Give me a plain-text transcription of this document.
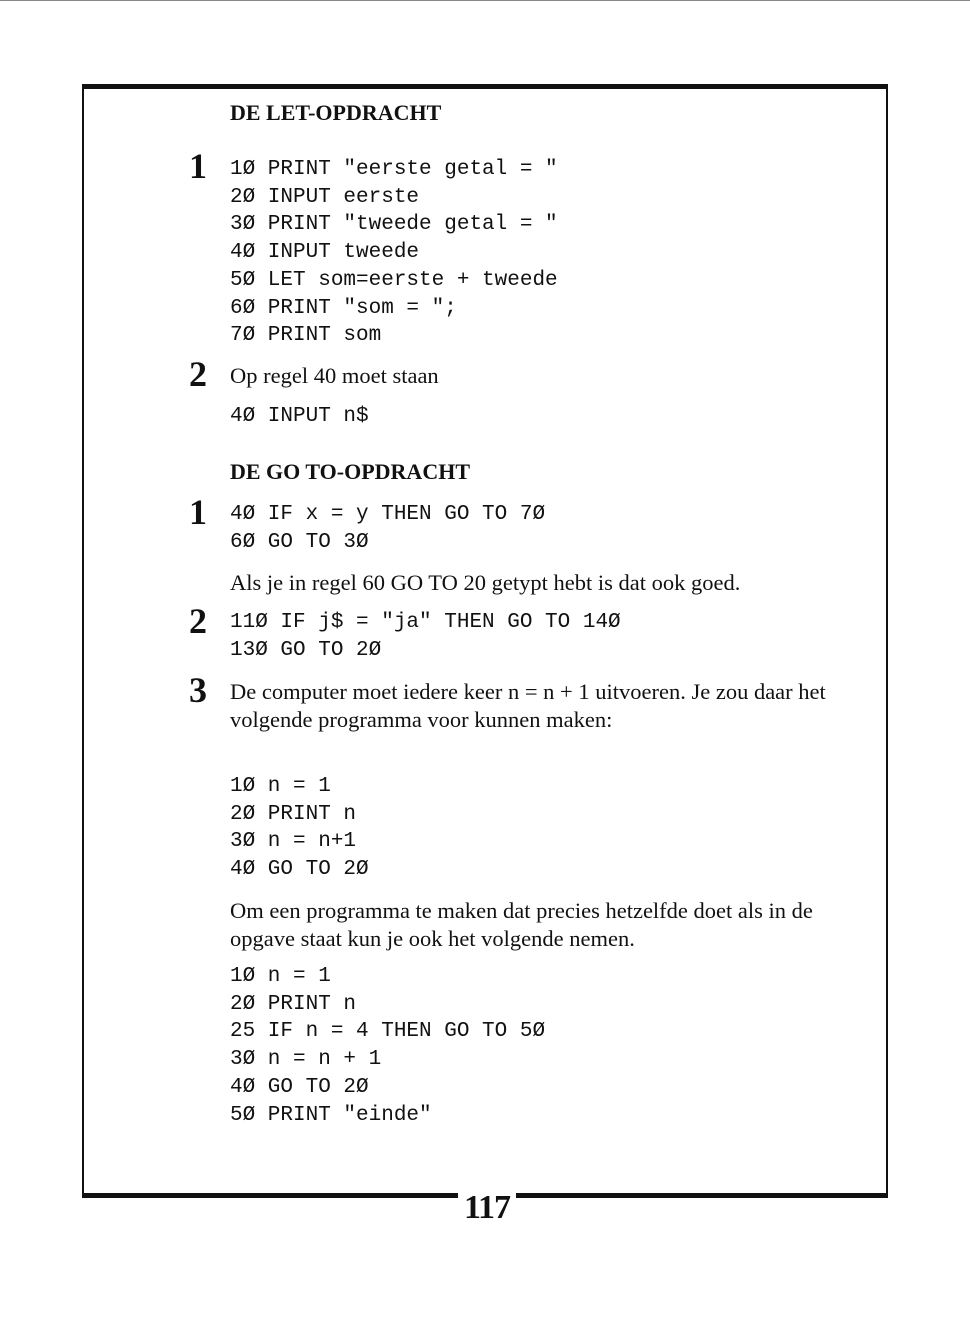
DE LET-OPDRACHT
1 1Ø PRINT "eerste getal = "
2Ø INPUT eerste
3Ø PRINT "tweede getal = "
4Ø INPUT tweede
5Ø LET som=eerste + tweede
6Ø PRINT "som = ";
7Ø PRINT som
2 Op regel 40 moet staan

4Ø INPUT n$
DE GO TO-OPDRACHT
1 4Ø IF x = y THEN GO TO 7Ø
6Ø GO TO 3Ø

Als je in regel 60 GO TO 20 getypt hebt is dat ook goed.

2 11Ø IF j$ = "ja" THEN GO TO 14Ø
13Ø GO TO 2Ø
3 De computer moet iedere keer n = n + 1 uitvoeren. Je zou daar het volgende programma voor kunnen maken:

1Ø n = 1
2Ø PRINT n
3Ø n = n+1
4Ø GO TO 2Ø

Om een programma te maken dat precies hetzelfde doet als in de opgave staat kun je ook het volgende nemen.

1Ø n = 1
2Ø PRINT n
25 IF n = 4 THEN GO TO 5Ø
3Ø n = n + 1
4Ø GO TO 2Ø
5Ø PRINT "einde"
117
